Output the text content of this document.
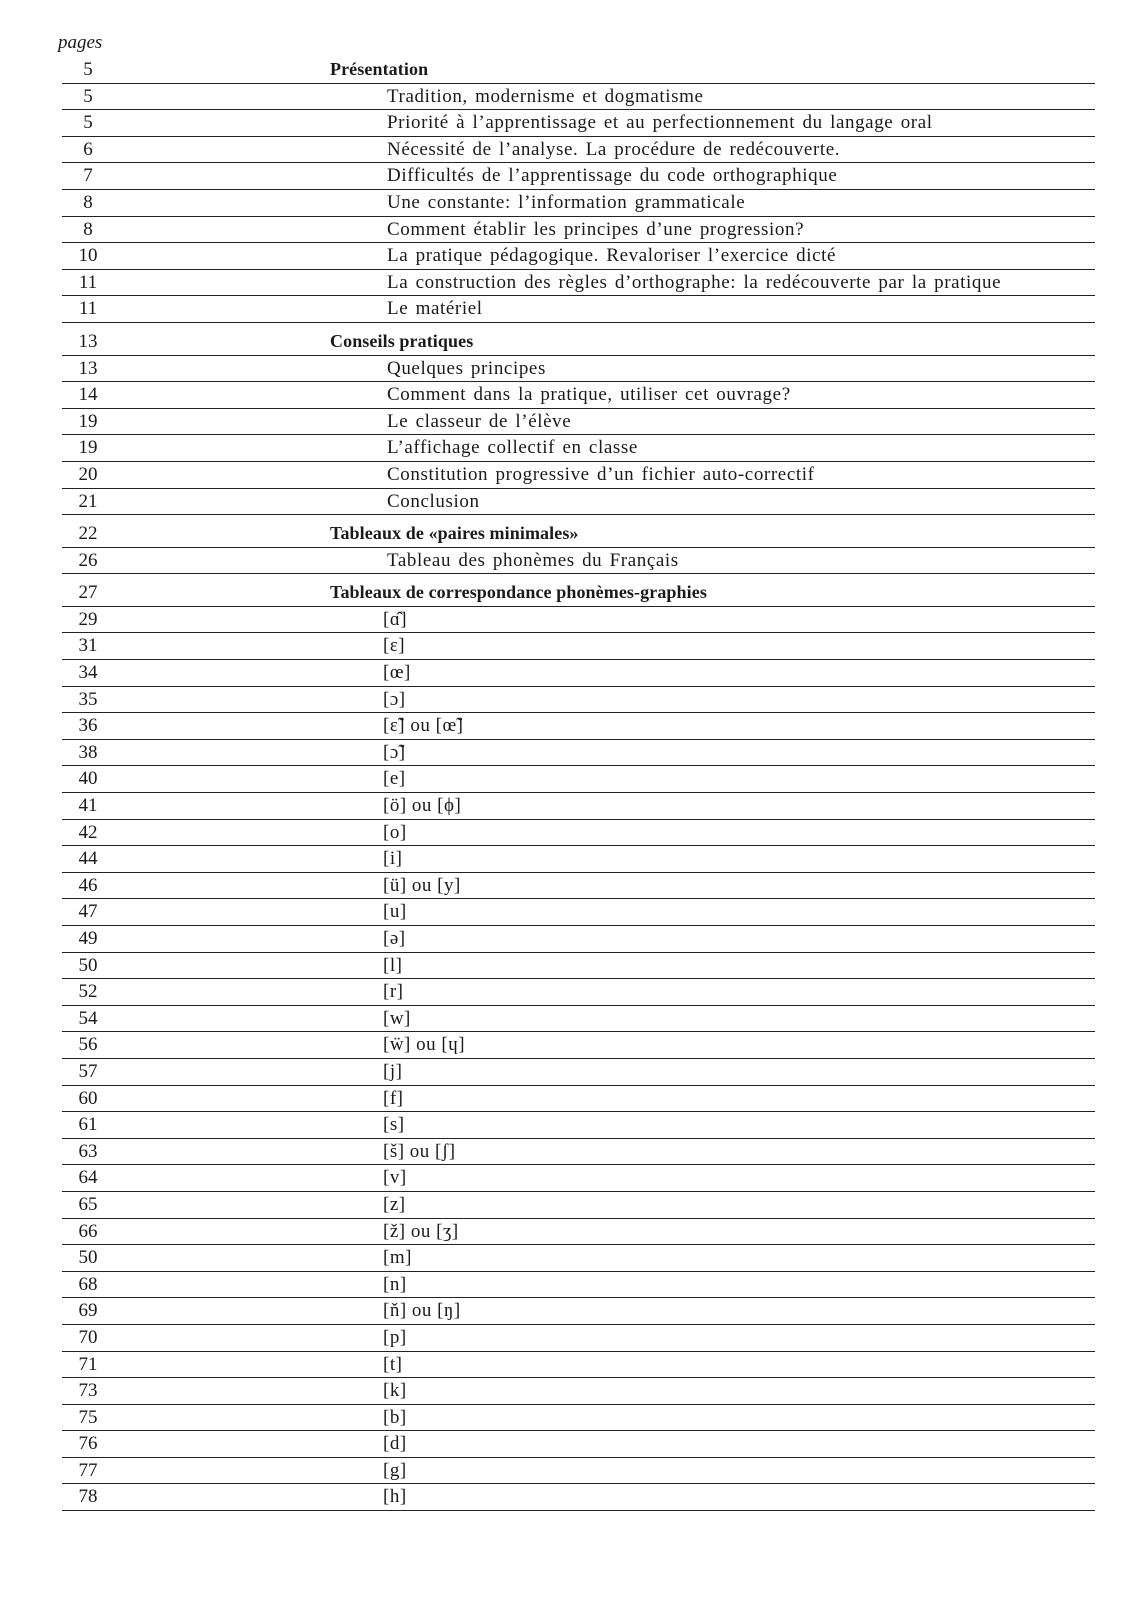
pages
5	Présentation
5	Tradition, modernisme et dogmatisme
5	Priorité à l’apprentissage et au perfectionnement du langage oral
6	Nécessité de l’analyse. La procédure de redécouverte.
7	Difficultés de l’apprentissage du code orthographique
8	Une constante: l’information grammaticale
8	Comment établir les principes d’une progression?
10	La pratique pédagogique. Revaloriser l’exercice dicté
11	La construction des règles d’orthographe: la redécouverte par la pratique
11	Le matériel
13	Conseils pratiques
13	Quelques principes
14	Comment dans la pratique, utiliser cet ouvrage?
19	Le classeur de l’élève
19	L’affichage collectif en classe
20	Constitution progressive d’un fichier auto-correctif
21	Conclusion
22	Tableaux de «paires minimales»
26	Tableau des phonèmes du Français
27	Tableaux de correspondance phonèmes-graphies
29	[ɑ̂]
31	[ɛ]
34	[œ]
35	[ɔ]
36	[ɛ̃] ou [œ̃]
38	[ɔ̃]
40	[e]
41	[ö] ou [ϕ]
42	[o]
44	[i]
46	[ü] ou [y]
47	[u]
49	[ə]
50	[l]
52	[r]
54	[w]
56	[ẅ] ou [ɥ]
57	[j]
60	[f]
61	[s]
63	[š] ou [ʃ]
64	[v]
65	[z]
66	[ž] ou [ʒ]
50	[m]
68	[n]
69	[ň] ou [ŋ]
70	[p]
71	[t]
73	[k]
75	[b]
76	[d]
77	[g]
78	[h]
